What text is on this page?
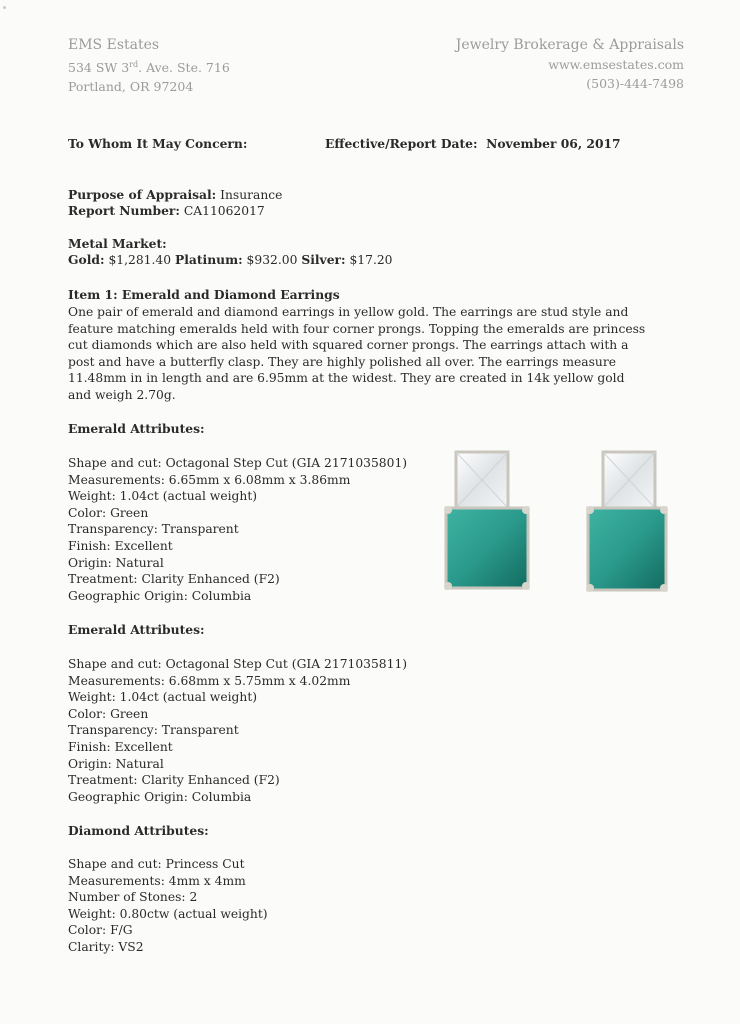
EMS Estates
534 SW 3rd. Ave. Ste. 716
Portland, OR 97204
Jewelry Brokerage & Appraisals
www.emsestates.com
(503)-444-7498
To Whom It May Concern:	Effective/Report Date: November 06, 2017
Purpose of Appraisal: Insurance
Report Number: CA11062017
Metal Market:
Gold: $1,281.40 Platinum: $932.00 Silver: $17.20
Item 1: Emerald and Diamond Earrings
One pair of emerald and diamond earrings in yellow gold. The earrings are stud style and
feature matching emeralds held with four corner prongs. Topping the emeralds are princess
cut diamonds which are also held with squared corner prongs. The earrings attach with a
post and have a butterfly clasp. They are highly polished all over. The earrings measure
11.48mm in in length and are 6.95mm at the widest. They are created in 14k yellow gold
and weigh 2.70g.
Emerald Attributes:
Shape and cut: Octagonal Step Cut (GIA 2171035801)
Measurements: 6.65mm x 6.08mm x 3.86mm
Weight: 1.04ct (actual weight)
Color: Green
Transparency: Transparent
Finish: Excellent
Origin: Natural
Treatment: Clarity Enhanced (F2)
Geographic Origin: Columbia
Emerald Attributes:
Shape and cut: Octagonal Step Cut (GIA 2171035811)
Measurements: 6.68mm x 5.75mm x 4.02mm
Weight: 1.04ct (actual weight)
Color: Green
Transparency: Transparent
Finish: Excellent
Origin: Natural
Treatment: Clarity Enhanced (F2)
Geographic Origin: Columbia
Diamond Attributes:
Shape and cut: Princess Cut
Measurements: 4mm x 4mm
Number of Stones: 2
Weight: 0.80ctw (actual weight)
Color: F/G
Clarity: VS2
